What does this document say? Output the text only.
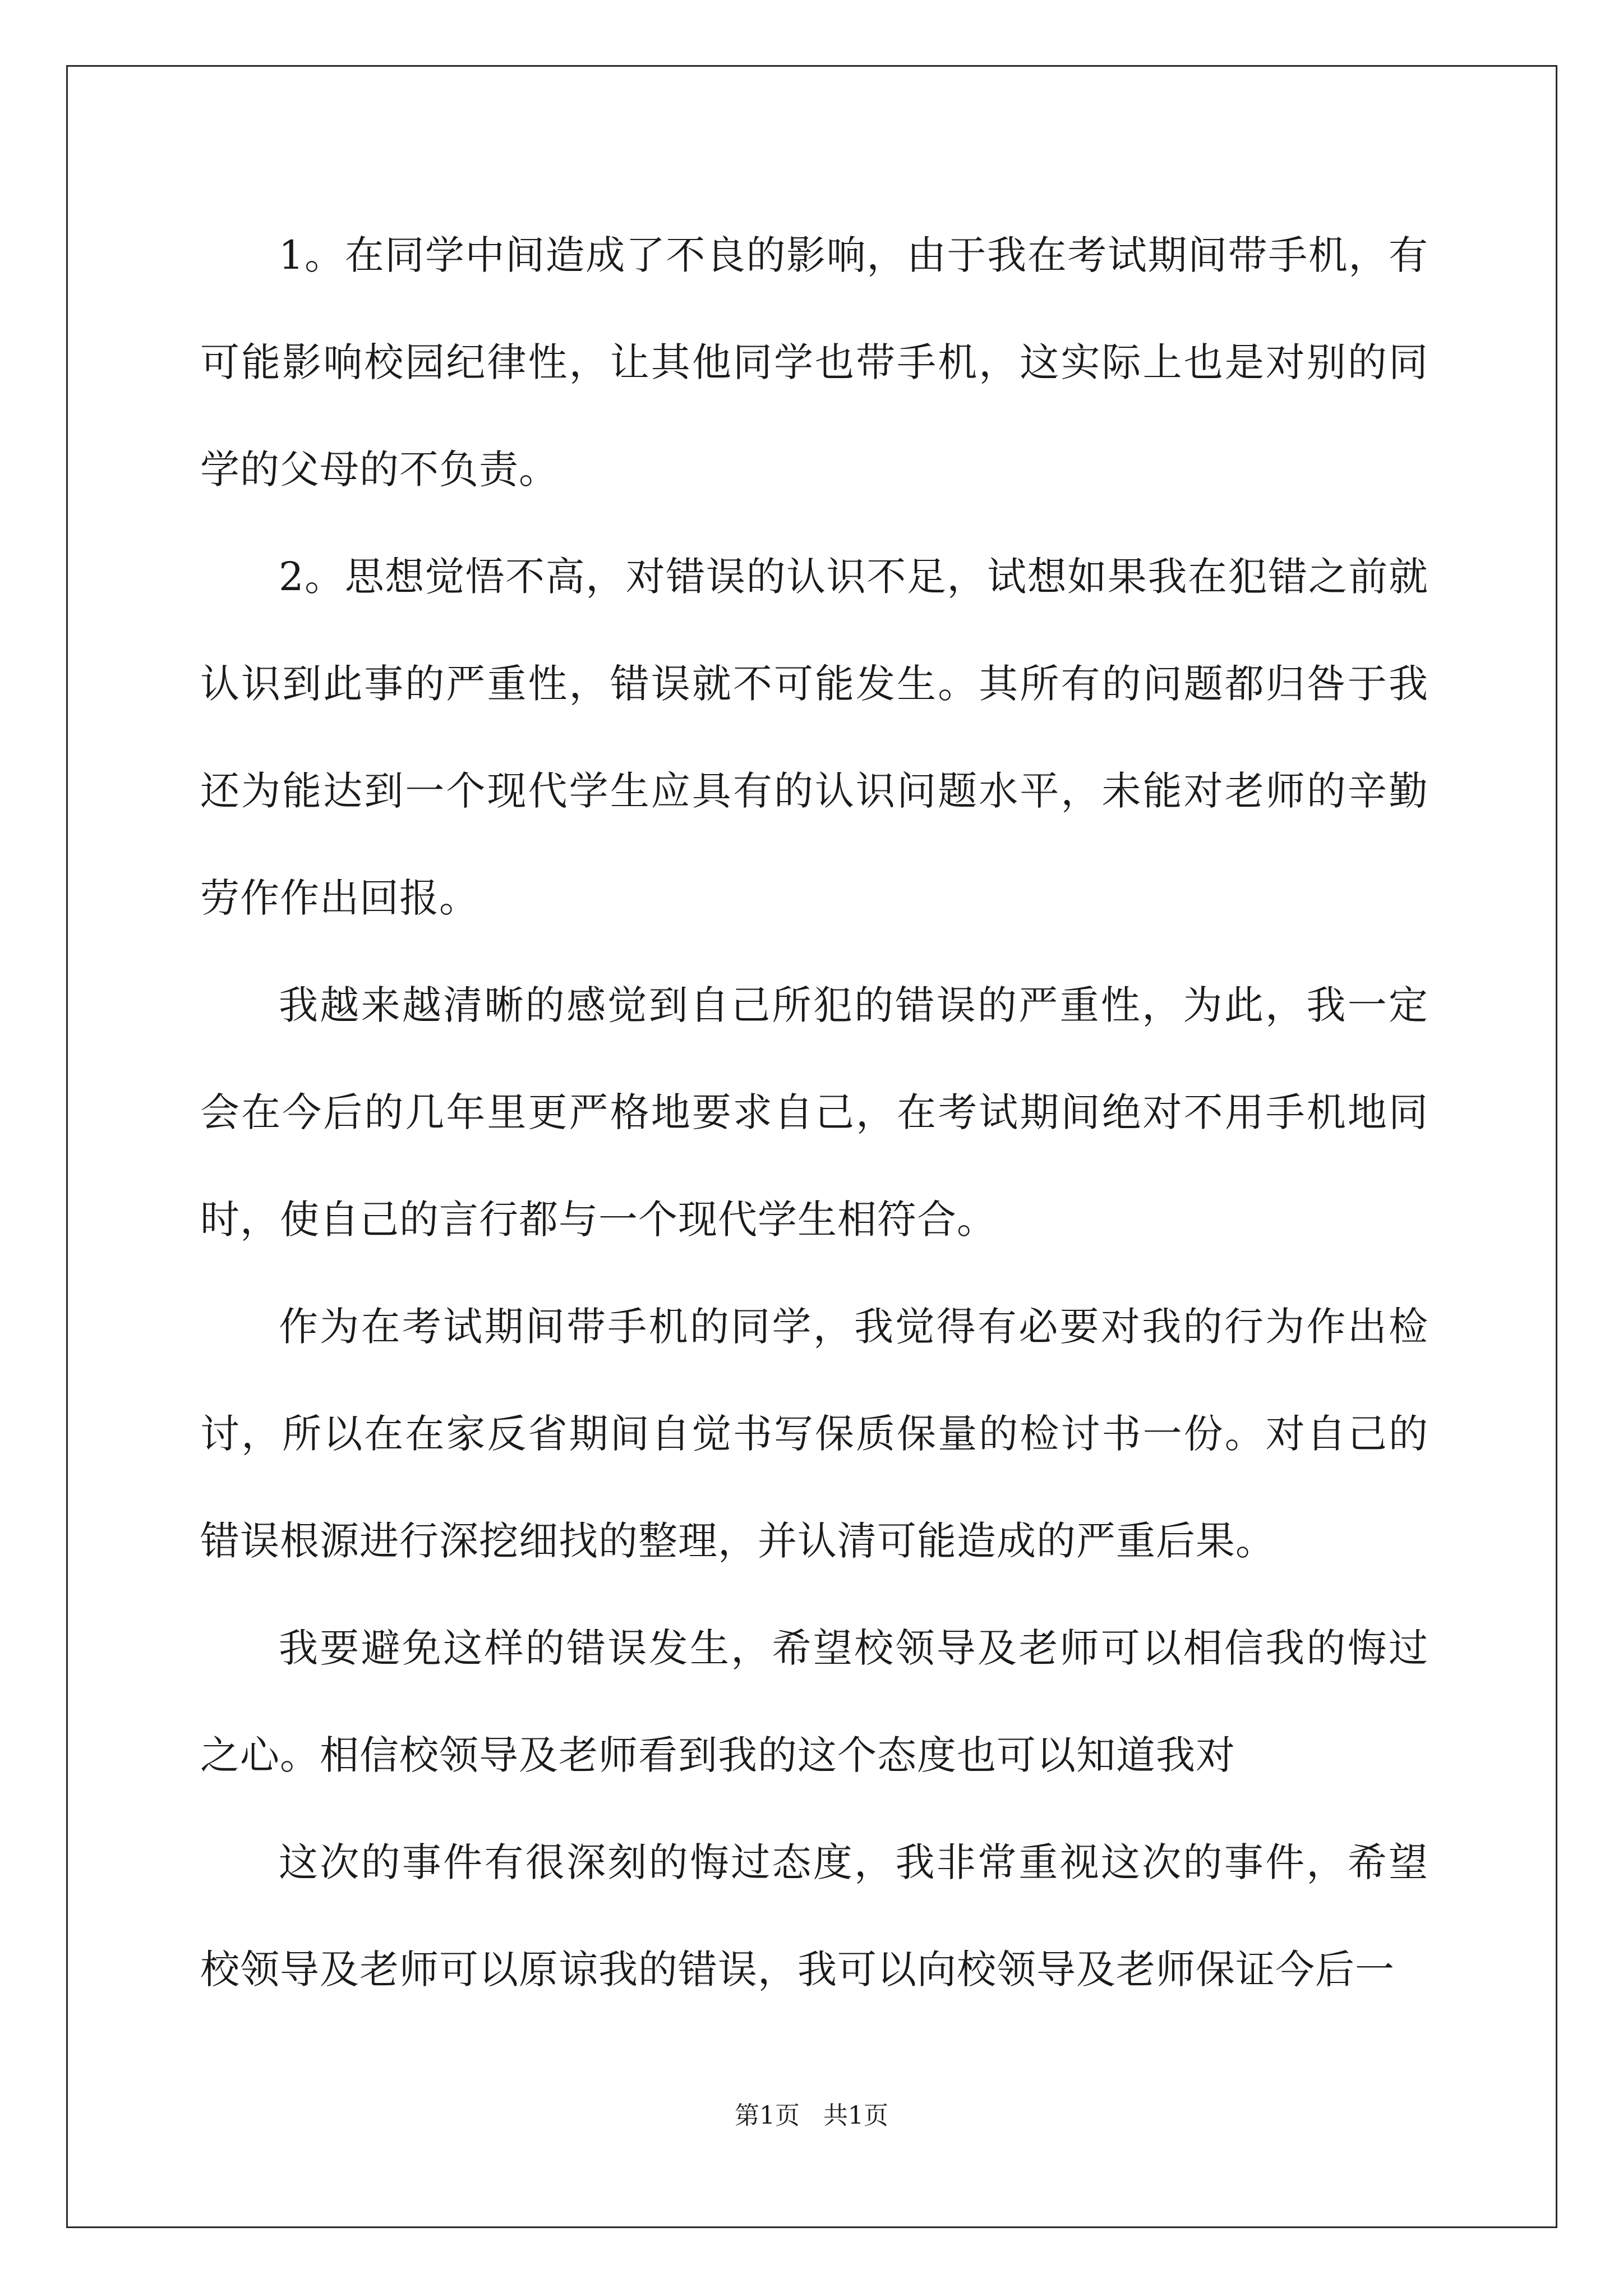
1。在同学中间造成了不良的影响，由于我在考试期间带手机，有可能影响校园纪律性，让其他同学也带手机，这实际上也是对别的同学的父母的不负责。

2。思想觉悟不高，对错误的认识不足，试想如果我在犯错之前就认识到此事的严重性，错误就不可能发生。其所有的问题都归咎于我还为能达到一个现代学生应具有的认识问题水平，未能对老师的辛勤劳作作出回报。

我越来越清晰的感觉到自己所犯的错误的严重性，为此，我一定会在今后的几年里更严格地要求自己，在考试期间绝对不用手机地同时，使自己的言行都与一个现代学生相符合。

作为在考试期间带手机的同学，我觉得有必要对我的行为作出检讨，所以在在家反省期间自觉书写保质保量的检讨书一份。对自己的错误根源进行深挖细找的整理，并认清可能造成的严重后果。

我要避免这样的错误发生，希望校领导及老师可以相信我的悔过之心。相信校领导及老师看到我的这个态度也可以知道我对

这次的事件有很深刻的悔过态度，我非常重视这次的事件，希望校领导及老师可以原谅我的错误，我可以向校领导及老师保证今后一

第1页 共1页
